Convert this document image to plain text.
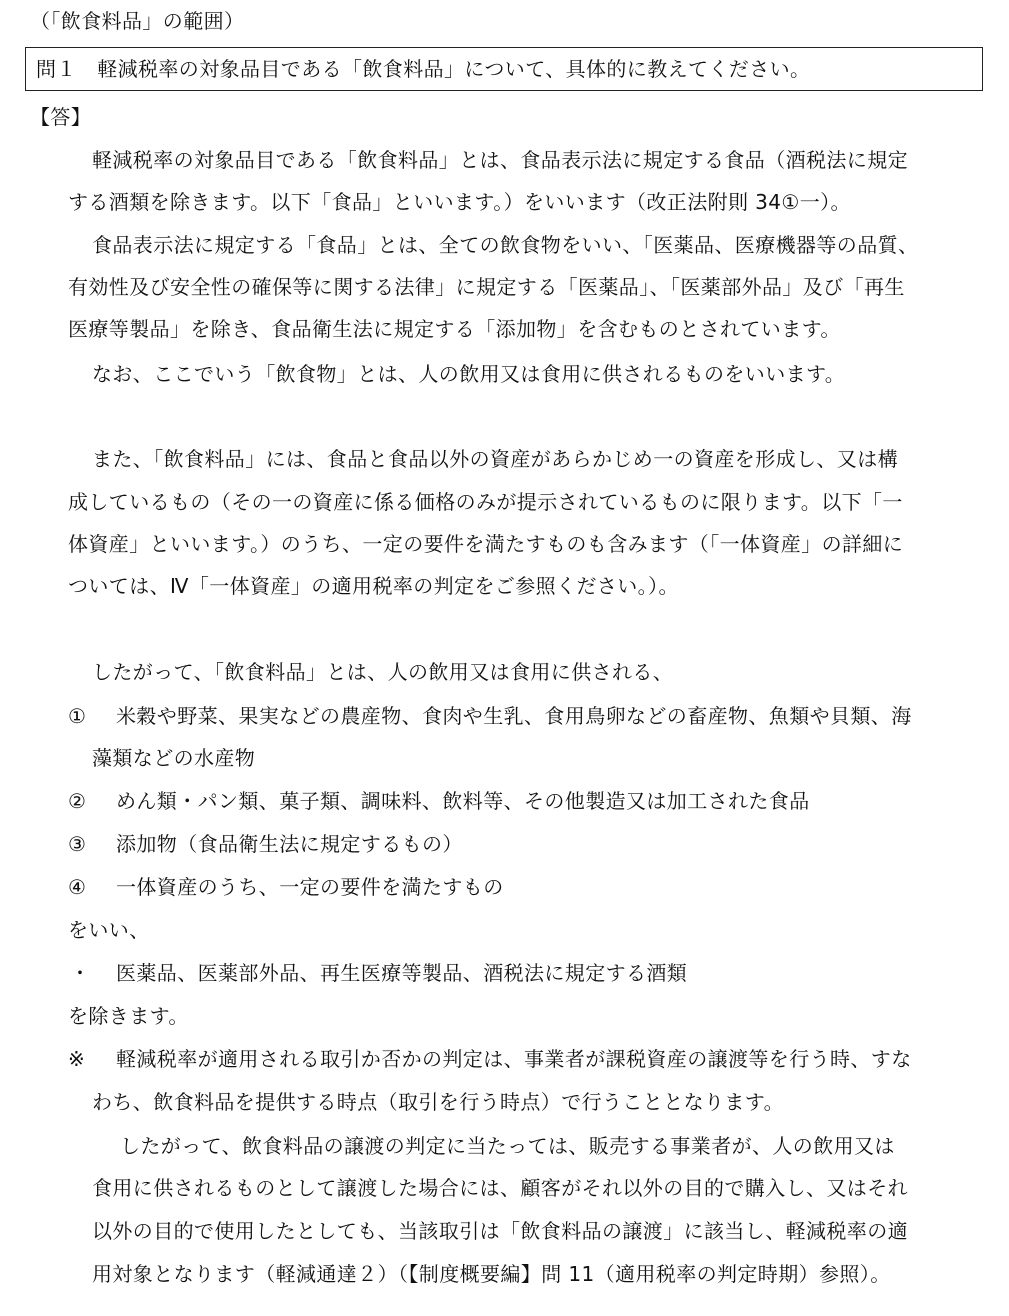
（「飲食料品」の範囲）
問１　軽減税率の対象品目である「飲食料品」について、具体的に教えてください。
【答】
軽減税率の対象品目である「飲食料品」とは、食品表示法に規定する食品（酒税法に規定
する酒類を除きます。以下「食品」といいます。）をいいます（改正法附則 34①一）。
食品表示法に規定する「食品」とは、全ての飲食物をいい、「医薬品、医療機器等の品質、
有効性及び安全性の確保等に関する法律」に規定する「医薬品」、「医薬部外品」及び「再生
医療等製品」を除き、食品衛生法に規定する「添加物」を含むものとされています。
なお、ここでいう「飲食物」とは、人の飲用又は食用に供されるものをいいます。
また、「飲食料品」には、食品と食品以外の資産があらかじめ一の資産を形成し、又は構
成しているもの（その一の資産に係る価格のみが提示されているものに限ります。以下「一
体資産」といいます。）のうち、一定の要件を満たすものも含みます（「一体資産」の詳細に
ついては、Ⅳ「一体資産」の適用税率の判定をご参照ください。）。
したがって、「飲食料品」とは、人の飲用又は食用に供される、
① 米穀や野菜、果実などの農産物、食肉や生乳、食用鳥卵などの畜産物、魚類や貝類、海
藻類などの水産物
② めん類・パン類、菓子類、調味料、飲料等、その他製造又は加工された食品
③ 添加物（食品衛生法に規定するもの）
④ 一体資産のうち、一定の要件を満たすもの
をいい、
・ 医薬品、医薬部外品、再生医療等製品、酒税法に規定する酒類
を除きます。
※ 軽減税率が適用される取引か否かの判定は、事業者が課税資産の譲渡等を行う時、すな
わち、飲食料品を提供する時点（取引を行う時点）で行うこととなります。
したがって、飲食料品の譲渡の判定に当たっては、販売する事業者が、人の飲用又は
食用に供されるものとして譲渡した場合には、顧客がそれ以外の目的で購入し、又はそれ
以外の目的で使用したとしても、当該取引は「飲食料品の譲渡」に該当し、軽減税率の適
用対象となります（軽減通達２）（【制度概要編】問 11（適用税率の判定時期）参照）。
